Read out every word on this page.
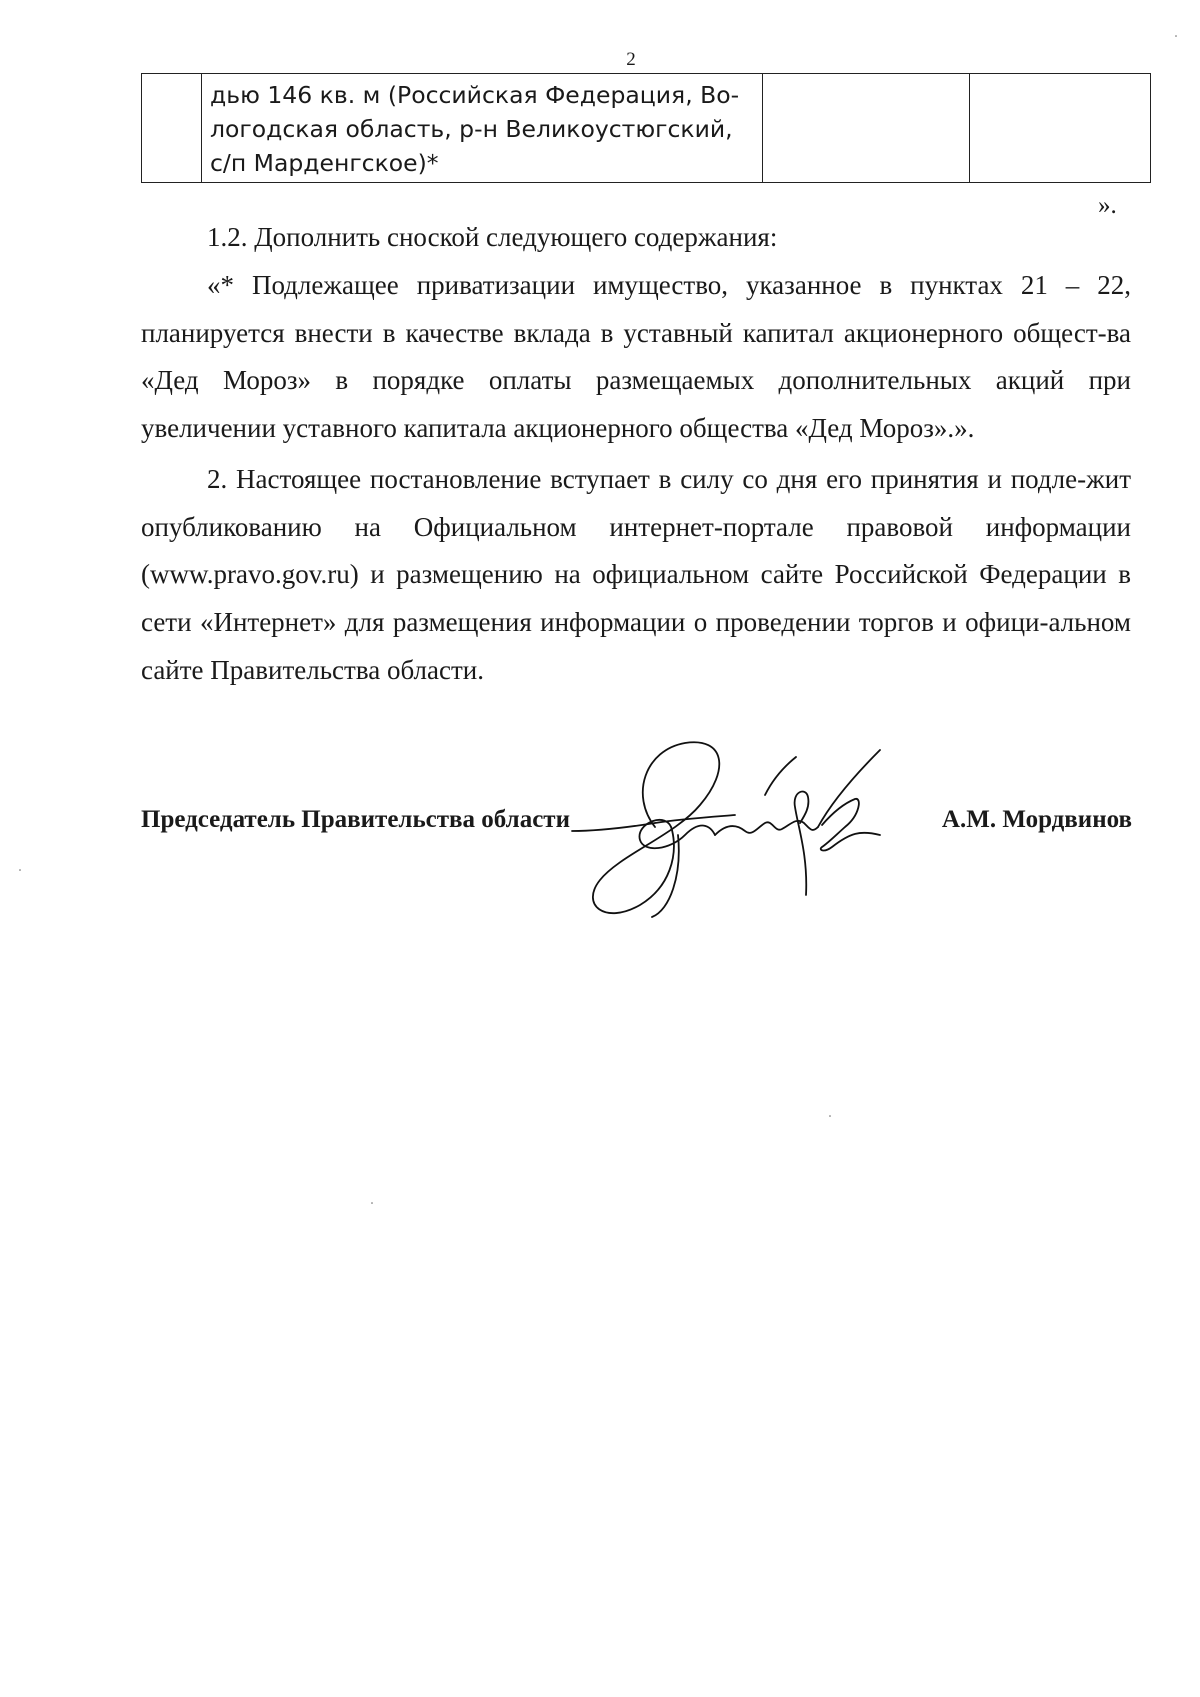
2

дью 146 кв. м (Российская Федерация, Во-
логодская область, р-н Великоустюгский,
с/п Марденгское)*

».

1.2. Дополнить сноской следующего содержания:

«* Подлежащее приватизации имущество, указанное в пунктах 21 – 22, планируется внести в качестве вклада в уставный капитал акционерного общест-ва «Дед Мороз» в порядке оплаты размещаемых дополнительных акций при увеличении уставного капитала акционерного общества «Дед Мороз».».

2. Настоящее постановление вступает в силу со дня его принятия и подле-жит опубликованию на Официальном интернет-портале правовой информации (www.pravo.gov.ru) и размещению на официальном сайте Российской Федерации в сети «Интернет» для размещения информации о проведении торгов и офици-альном сайте Правительства области.

Председатель Правительства области	А.М. Мордвинов
